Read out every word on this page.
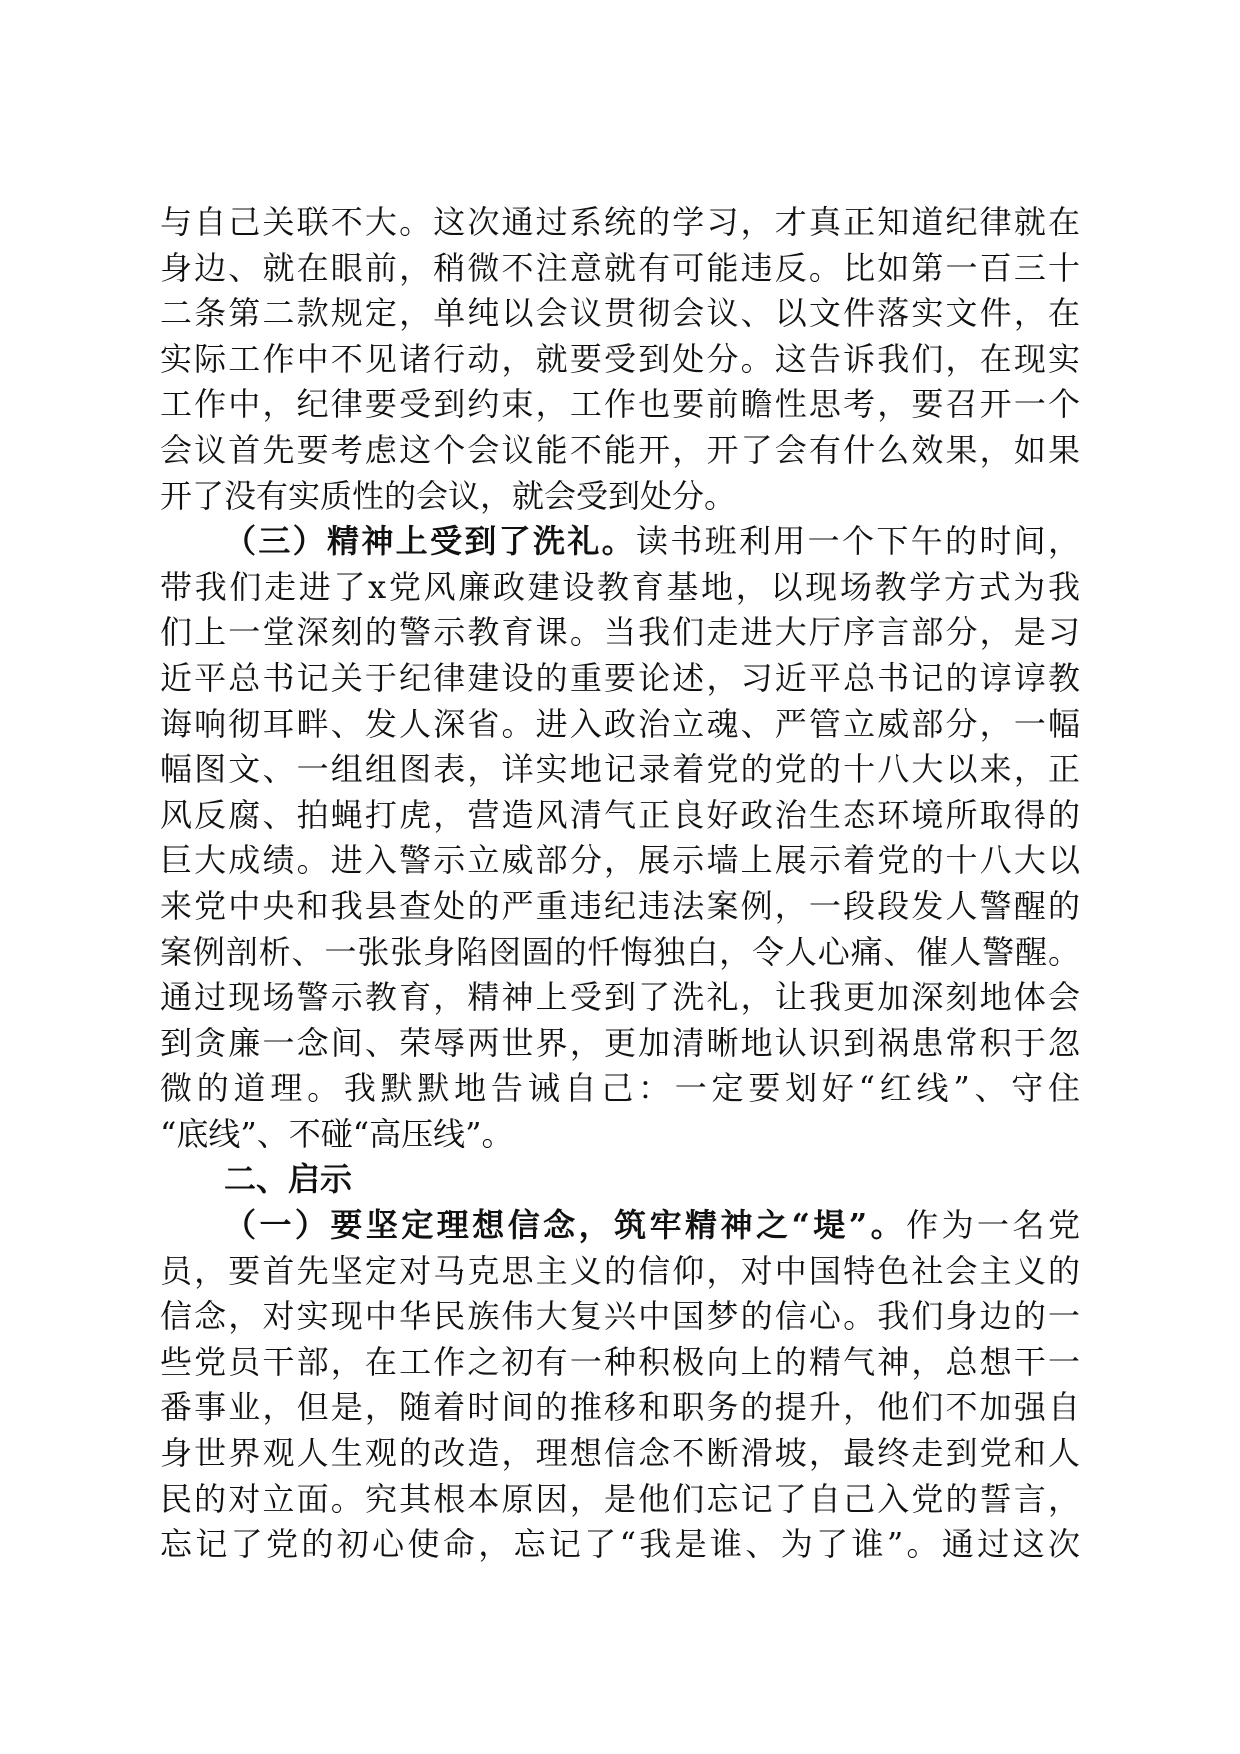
与自己关联不大。这次通过系统的学习，才真正知道纪律就在
身边、就在眼前，稍微不注意就有可能违反。比如第一百三十
二条第二款规定，单纯以会议贯彻会议、以文件落实文件，在
实际工作中不见诸行动，就要受到处分。这告诉我们，在现实
工作中，纪律要受到约束，工作也要前瞻性思考，要召开一个
会议首先要考虑这个会议能不能开，开了会有什么效果，如果
开了没有实质性的会议，就会受到处分。
（三）精神上受到了洗礼。读书班利用一个下午的时间，
带我们走进了x党风廉政建设教育基地，以现场教学方式为我
们上一堂深刻的警示教育课。当我们走进大厅序言部分，是习
近平总书记关于纪律建设的重要论述，习近平总书记的谆谆教
诲响彻耳畔、发人深省。进入政治立魂、严管立威部分，一幅
幅图文、一组组图表，详实地记录着党的党的十八大以来，正
风反腐、拍蝇打虎，营造风清气正良好政治生态环境所取得的
巨大成绩。进入警示立威部分，展示墙上展示着党的十八大以
来党中央和我县查处的严重违纪违法案例，一段段发人警醒的
案例剖析、一张张身陷囹圄的忏悔独白，令人心痛、催人警醒。
通过现场警示教育，精神上受到了洗礼，让我更加深刻地体会
到贪廉一念间、荣辱两世界，更加清晰地认识到祸患常积于忽
微的道理。我默默地告诫自己：一定要划好“红线”、守住
“底线”、不碰“高压线”。
二、启示
（一）要坚定理想信念，筑牢精神之“堤”。作为一名党
员，要首先坚定对马克思主义的信仰，对中国特色社会主义的
信念，对实现中华民族伟大复兴中国梦的信心。我们身边的一
些党员干部，在工作之初有一种积极向上的精气神，总想干一
番事业，但是，随着时间的推移和职务的提升，他们不加强自
身世界观人生观的改造，理想信念不断滑坡，最终走到党和人
民的对立面。究其根本原因，是他们忘记了自己入党的誓言，
忘记了党的初心使命，忘记了“我是谁、为了谁”。通过这次
